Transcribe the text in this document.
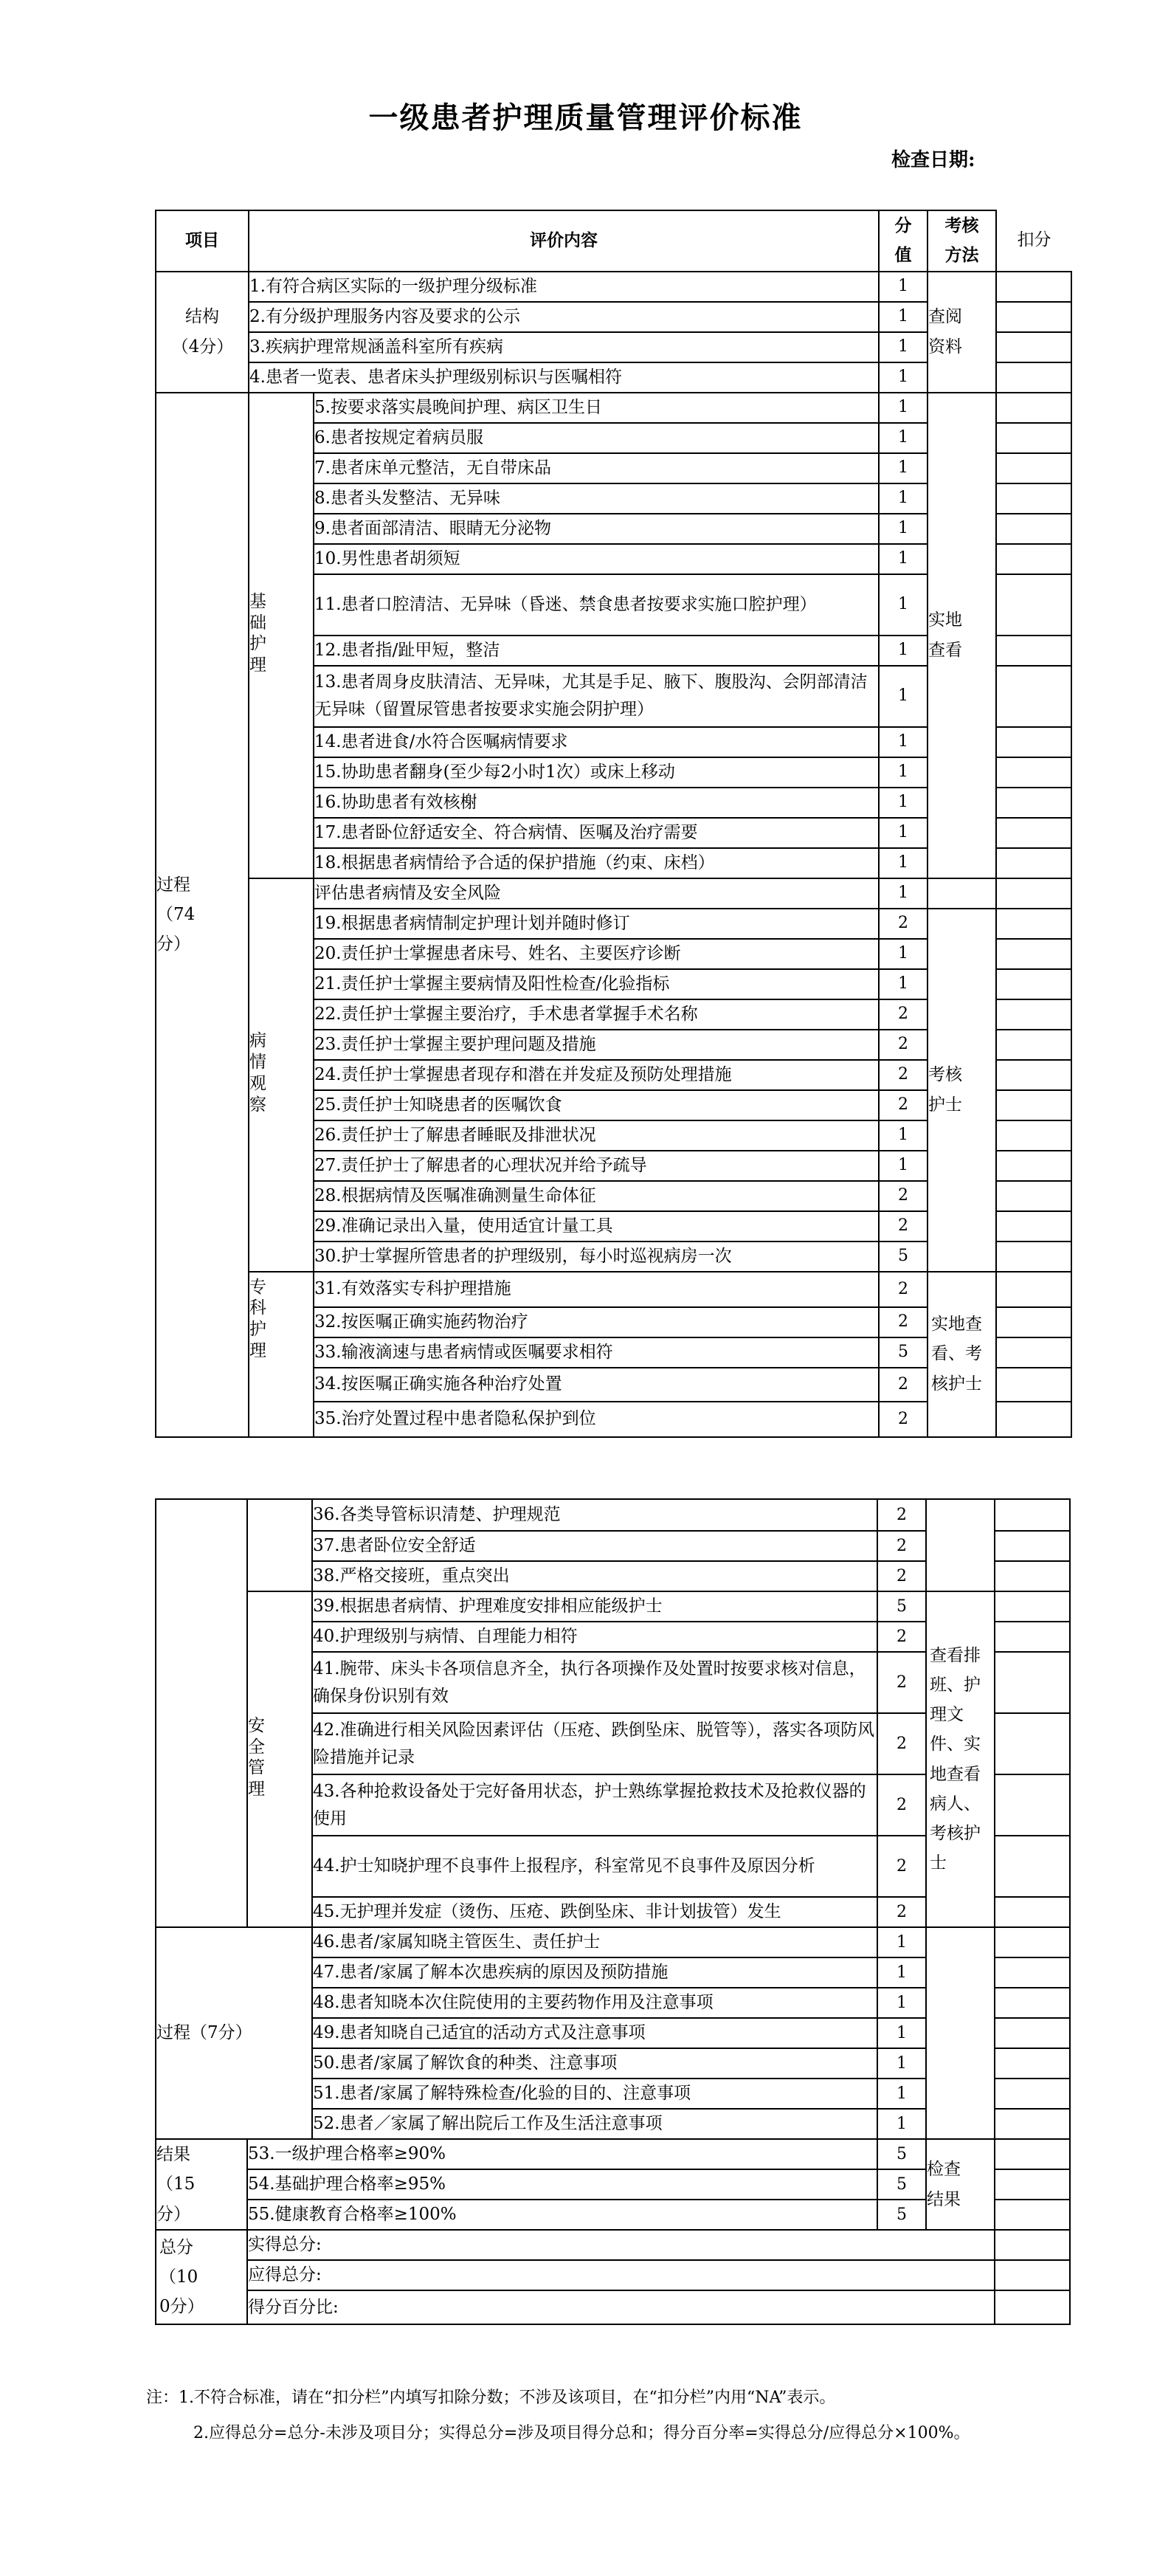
一级患者护理质量管理评价标准
检查日期:
项目	评价内容		分值	考核方法	扣分
结构（4分）	1.有符合病区实际的一级护理分级标准		1	查阅资料	
	2.有分级护理服务内容及要求的公示		1		
	3.疾病护理常规涵盖科室所有疾病		1		
	4.患者一览表、患者床头护理级别标识与医嘱相符		1		
过程（74分）	基础护理	5.按要求落实晨晚间护理、病区卫生日	1	实地查看	
		6.患者按规定着病员服	1		
		7.患者床单元整洁，无自带床品	1		
		8.患者头发整洁、无异味	1		
		9.患者面部清洁、眼睛无分泌物	1		
		10.男性患者胡须短	1		
		11.患者口腔清洁、无异味（昏迷、禁食患者按要求实施口腔护理）	1		
		12.患者指/趾甲短，整洁	1		
		13.患者周身皮肤清洁、无异味，尤其是手足、腋下、腹股沟、会阴部清洁无异味（留置尿管患者按要求实施会阴护理）	1		
		14.患者进食/水符合医嘱病情要求	1		
		15.协助患者翻身(至少每2小时1次）或床上移动	1		
		16.协助患者有效核榭	1		
		17.患者卧位舒适安全、符合病情、医嘱及治疗需要	1		
		18.根据患者病情给予合适的保护措施（约束、床档）	1		
	病情观察	评估患者病情及安全风险	1		
		19.根据患者病情制定护理计划并随时修订	2	考核护士	
		20.责任护士掌握患者床号、姓名、主要医疗诊断	1		
		21.责任护士掌握主要病情及阳性检查/化验指标	1		
		22.责任护士掌握主要治疗，手术患者掌握手术名称	2		
		23.责任护士掌握主要护理问题及措施	2		
		24.责任护士掌握患者现存和潜在并发症及预防处理措施	2		
		25.责任护士知晓患者的医嘱饮食	2		
		26.责任护士了解患者睡眠及排泄状况	1		
		27.责任护士了解患者的心理状况并给予疏导	1		
		28.根据病情及医嘱准确测量生命体征	2		
		29.准确记录出入量，使用适宜计量工具	2		
		30.护士掌握所管患者的护理级别，每小时巡视病房一次	5		
	专科护理	31.有效落实专科护理措施	2	实地查看、考核护士	
		32.按医嘱正确实施药物治疗	2		
		33.输液滴速与患者病情或医嘱要求相符	5		
		34.按医嘱正确实施各种治疗处置	2		
		35.治疗处置过程中患者隐私保护到位	2		
		36.各类导管标识清楚、护理规范	2		
		37.患者卧位安全舒适	2		
		38.严格交接班，重点突出	2		
	安全管理	39.根据患者病情、护理难度安排相应能级护士	5	查看排班、护理文件、实地查看病人、考核护士	
		40.护理级别与病情、自理能力相符	2		
		41.腕带、床头卡各项信息齐全，执行各项操作及处置时按要求核对信息，确保身份识别有效	2		
		42.准确进行相关风险因素评估（压疮、跌倒坠床、脱管等），落实各项防风险措施并记录	2		
		43.各种抢救设备处于完好备用状态，护士熟练掌握抢救技术及抢救仪器的使用	2		
		44.护士知晓护理不良事件上报程序，科室常见不良事件及原因分析	2		
		45.无护理并发症（烫伤、压疮、跌倒坠床、非计划拔管）发生	2		
过程（7分）		46.患者/家属知晓主管医生、责任护士	1		
		47.患者/家属了解本次患疾病的原因及预防措施	1		
		48.患者知晓本次住院使用的主要药物作用及注意事项	1		
		49.患者知晓自己适宜的活动方式及注意事项	1		
		50.患者/家属了解饮食的种类、注意事项	1		
		51.患者/家属了解特殊检查/化验的目的、注意事项	1		
		52.患者／家属了解出院后工作及生活注意事项	1		
结果（15分）	53.一级护理合格率≥90%		5	检查结果	
	54.基础护理合格率≥95%		5		
	55.健康教育合格率≥100%		5		
总分（100分）	实得总分:				
	应得总分:				
	得分百分比:				
注：1.不符合标准，请在“扣分栏”内填写扣除分数；不涉及该项目，在“扣分栏”内用“NA”表示。
2.应得总分=总分-未涉及项目分；实得总分=涉及项目得分总和；得分百分率=实得总分/应得总分×100%。
